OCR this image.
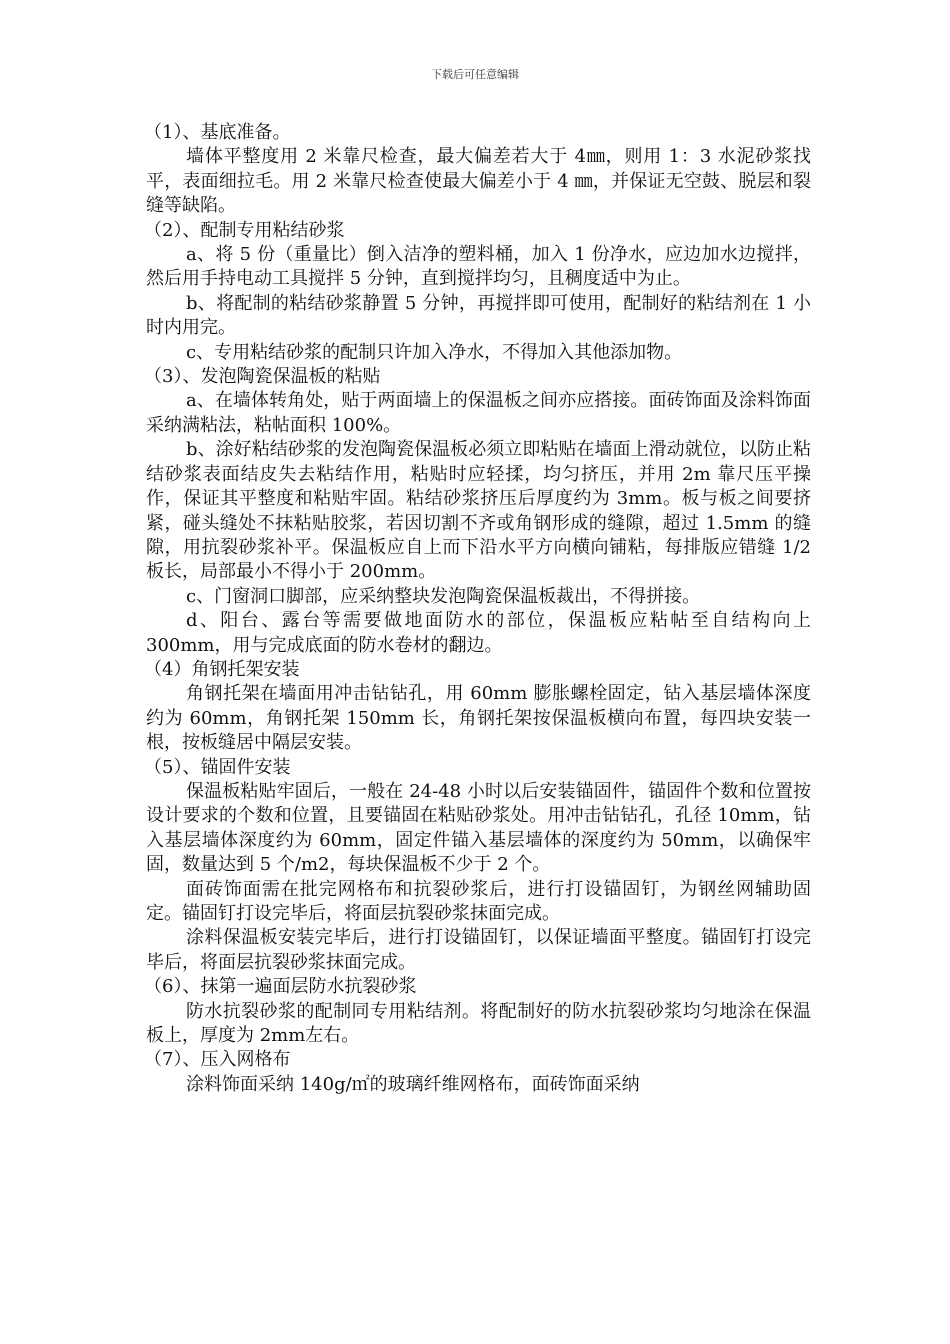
下载后可任意编辑

（1）、基底准备。

墙体平整度用 2 米靠尺检查，最大偏差若大于 4㎜，则用 1：3 水泥砂浆找平，表面细拉毛。用 2 米靠尺检查使最大偏差小于 4 ㎜，并保证无空鼓、脱层和裂缝等缺陷。

（2）、配制专用粘结砂浆

a、将 5 份（重量比）倒入洁净的塑料桶，加入 1 份净水，应边加水边搅拌，然后用手持电动工具搅拌 5 分钟，直到搅拌均匀，且稠度适中为止。

b、将配制的粘结砂浆静置 5 分钟，再搅拌即可使用，配制好的粘结剂在 1 小时内用完。

c、专用粘结砂浆的配制只许加入净水，不得加入其他添加物。

（3）、发泡陶瓷保温板的粘贴

a、在墙体转角处，贴于两面墙上的保温板之间亦应搭接。面砖饰面及涂料饰面采纳满粘法，粘帖面积 100%。

b、涂好粘结砂浆的发泡陶瓷保温板必须立即粘贴在墙面上滑动就位，以防止粘结砂浆表面结皮失去粘结作用，粘贴时应轻揉，均匀挤压，并用 2m 靠尺压平操作，保证其平整度和粘贴牢固。粘结砂浆挤压后厚度约为 3mm。板与板之间要挤紧，碰头缝处不抹粘贴胶浆，若因切割不齐或角钢形成的缝隙，超过 1.5mm 的缝隙，用抗裂砂浆补平。保温板应自上而下沿水平方向横向铺粘，每排版应错缝 1/2 板长，局部最小不得小于 200mm。

c、门窗洞口脚部，应采纳整块发泡陶瓷保温板裁出，不得拼接。

d、阳台、露台等需要做地面防水的部位，保温板应粘帖至自结构向上 300mm，用与完成底面的防水卷材的翻边。

（4）角钢托架安装

角钢托架在墙面用冲击钻钻孔，用 60mm 膨胀螺栓固定，钻入基层墙体深度约为 60mm，角钢托架 150mm 长，角钢托架按保温板横向布置，每四块安装一根，按板缝居中隔层安装。

（5）、锚固件安装

保温板粘贴牢固后，一般在 24-48 小时以后安装锚固件，锚固件个数和位置按设计要求的个数和位置，且要锚固在粘贴砂浆处。用冲击钻钻孔，孔径 10mm，钻入基层墙体深度约为 60mm，固定件锚入基层墙体的深度约为 50mm，以确保牢固，数量达到 5 个/m2，每块保温板不少于 2 个。

面砖饰面需在批完网格布和抗裂砂浆后，进行打设锚固钉，为钢丝网辅助固定。锚固钉打设完毕后，将面层抗裂砂浆抹面完成。

涂料保温板安装完毕后，进行打设锚固钉，以保证墙面平整度。锚固钉打设完毕后，将面层抗裂砂浆抹面完成。

（6）、抹第一遍面层防水抗裂砂浆

防水抗裂砂浆的配制同专用粘结剂。将配制好的防水抗裂砂浆均匀地涂在保温板上，厚度为 2mm左右。

（7）、压入网格布

涂料饰面采纳 140g/㎡的玻璃纤维网格布，面砖饰面采纳
